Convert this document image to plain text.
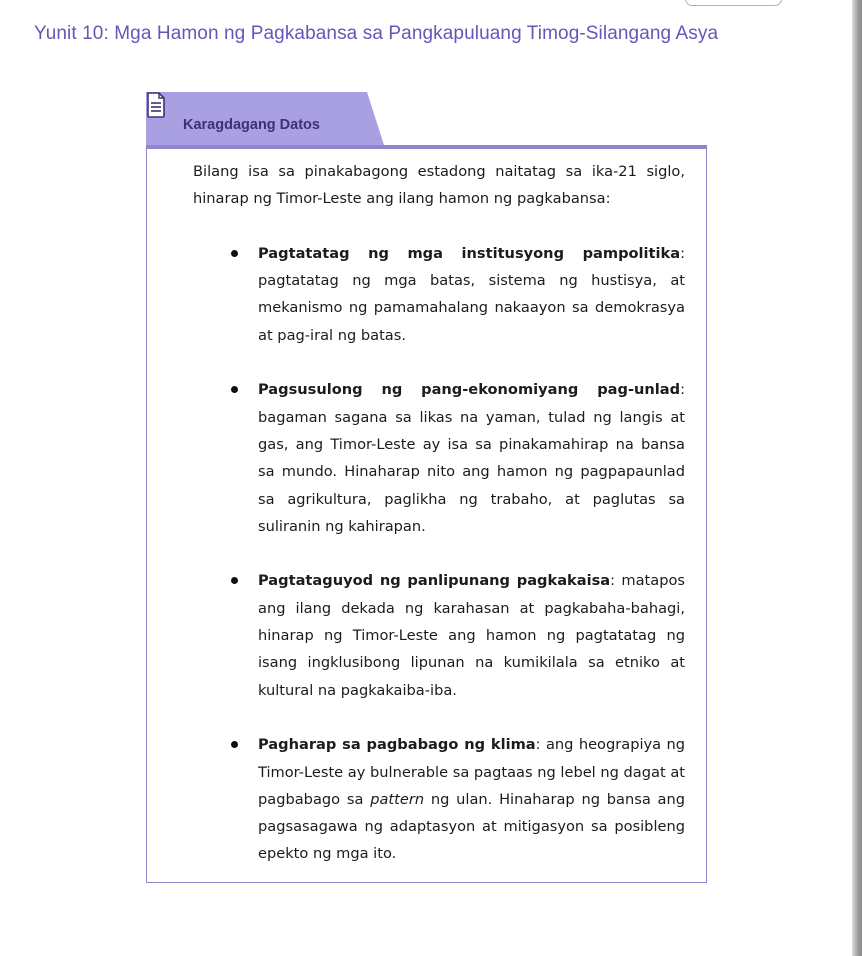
Yunit 10: Mga Hamon ng Pagkabansa sa Pangkapuluang Timog-Silangang Asya
Karagdagang Datos

Bilang isa sa pinakabagong estadong naitatag sa ika-21 siglo, hinarap ng Timor-Leste ang ilang hamon ng pagkabansa:

Pagtatatag ng mga institusyong pampolitika: pagtatatag ng mga batas, sistema ng hustisya, at mekanismo ng pamamahalang nakaayon sa demokrasya at pag-iral ng batas.
Pagsusulong ng pang-ekonomiyang pag-unlad: bagaman sagana sa likas na yaman, tulad ng langis at gas, ang Timor-Leste ay isa sa pinakamahirap na bansa sa mundo. Hinaharap nito ang hamon ng pagpapaunlad sa agrikultura, paglikha ng trabaho, at paglutas sa suliranin ng kahirapan.
Pagtataguyod ng panlipunang pagkakaisa: matapos ang ilang dekada ng karahasan at pagkabaha-bahagi, hinarap ng Timor-Leste ang hamon ng pagtatatag ng isang ingklusibong lipunan na kumikilala sa etniko at kultural na pagkakaiba-iba.
Pagharap sa pagbabago ng klima: ang heograpiya ng Timor-Leste ay bulnerable sa pagtaas ng lebel ng dagat at pagbabago sa pattern ng ulan. Hinaharap ng bansa ang pagsasagawa ng adaptasyon at mitigasyon sa posibleng epekto ng mga ito.
